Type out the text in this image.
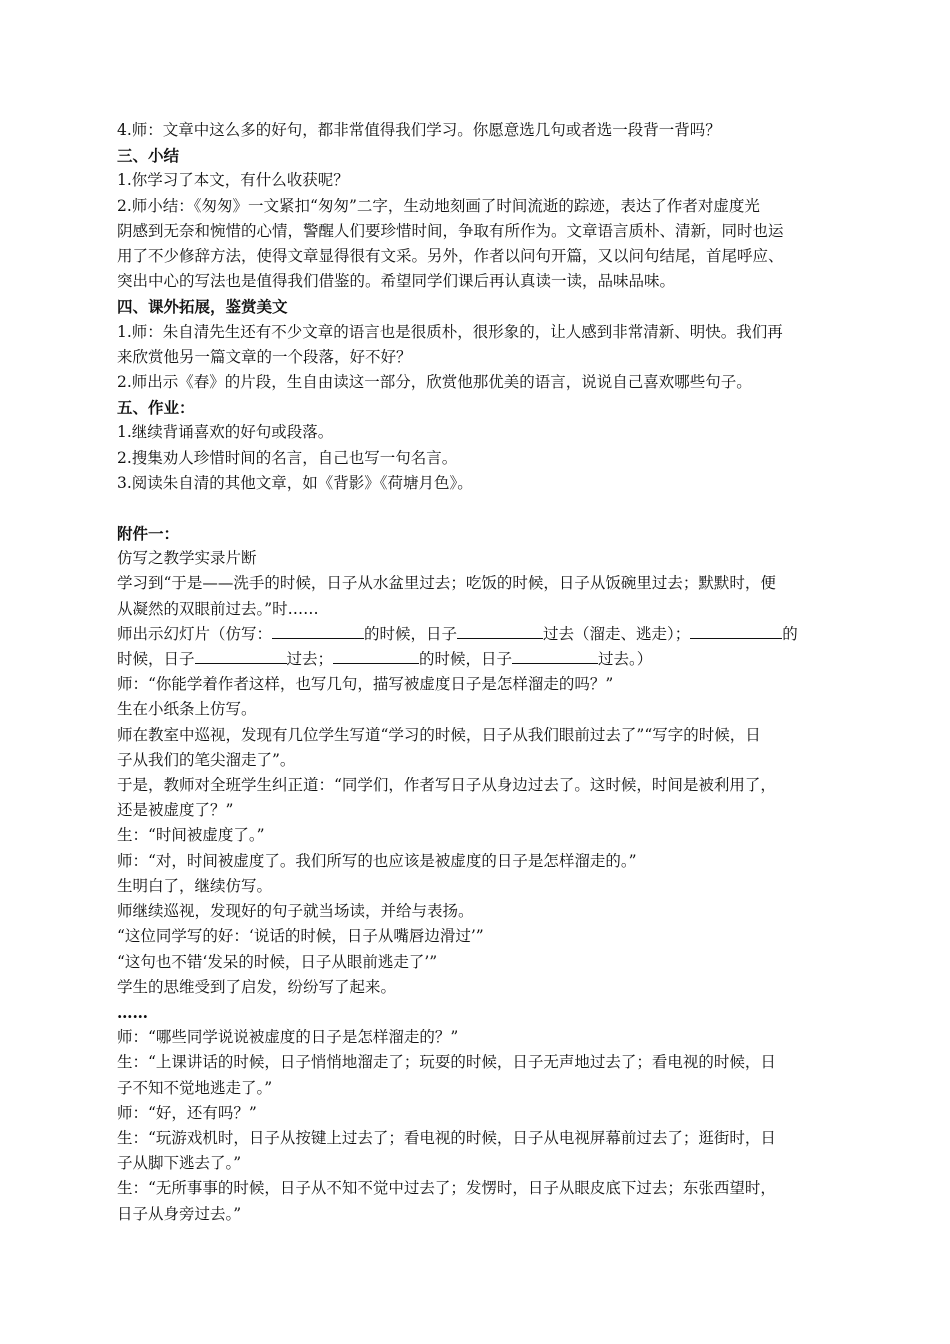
4.师：文章中这么多的好句，都非常值得我们学习。你愿意选几句或者选一段背一背吗？
三、小结
1.你学习了本文，有什么收获呢？
2.师小结：《匆匆》一文紧扣“匆匆”二字，生动地刻画了时间流逝的踪迹，表达了作者对虚度光
阴感到无奈和惋惜的心情，警醒人们要珍惜时间，争取有所作为。文章语言质朴、清新，同时也运
用了不少修辞方法，使得文章显得很有文采。另外，作者以问句开篇，又以问句结尾，首尾呼应、
突出中心的写法也是值得我们借鉴的。希望同学们课后再认真读一读，品味品味。
四、课外拓展，鉴赏美文
1.师：朱自清先生还有不少文章的语言也是很质朴，很形象的，让人感到非常清新、明快。我们再
来欣赏他另一篇文章的一个段落，好不好？
2.师出示《春》的片段，生自由读这一部分，欣赏他那优美的语言，说说自己喜欢哪些句子。
五、作业：
1.继续背诵喜欢的好句或段落。
2.搜集劝人珍惜时间的名言，自己也写一句名言。
3.阅读朱自清的其他文章，如《背影》《荷塘月色》。
附件一：
仿写之教学实录片断
学习到“于是——洗手的时候，日子从水盆里过去；吃饭的时候，日子从饭碗里过去；默默时，便
从凝然的双眼前过去。”时……
师出示幻灯片（仿写：	的时候，日子	过去（溜走、逃走）；	的
时候，日子	过去；	的时候，日子	过去。）
师：“你能学着作者这样，也写几句，描写被虚度日子是怎样溜走的吗？”
生在小纸条上仿写。
师在教室中巡视，发现有几位学生写道“学习的时候，日子从我们眼前过去了”“写字的时候，日
子从我们的笔尖溜走了”。
于是，教师对全班学生纠正道：“同学们，作者写日子从身边过去了。这时候，时间是被利用了，
还是被虚度了？”
生：“时间被虚度了。”
师：“对，时间被虚度了。我们所写的也应该是被虚度的日子是怎样溜走的。”
生明白了，继续仿写。
师继续巡视，发现好的句子就当场读，并给与表扬。
“这位同学写的好：‘说话的时候，日子从嘴唇边滑过’”
“这句也不错‘发呆的时候，日子从眼前逃走了’”
学生的思维受到了启发，纷纷写了起来。
……
师：“哪些同学说说被虚度的日子是怎样溜走的？”
生：“上课讲话的时候，日子悄悄地溜走了；玩耍的时候，日子无声地过去了；看电视的时候，日
子不知不觉地逃走了。”
师：“好，还有吗？”
生：“玩游戏机时，日子从按键上过去了；看电视的时候，日子从电视屏幕前过去了；逛街时，日
子从脚下逃去了。”
生：“无所事事的时候，日子从不知不觉中过去了；发愣时，日子从眼皮底下过去；东张西望时，
日子从身旁过去。”
